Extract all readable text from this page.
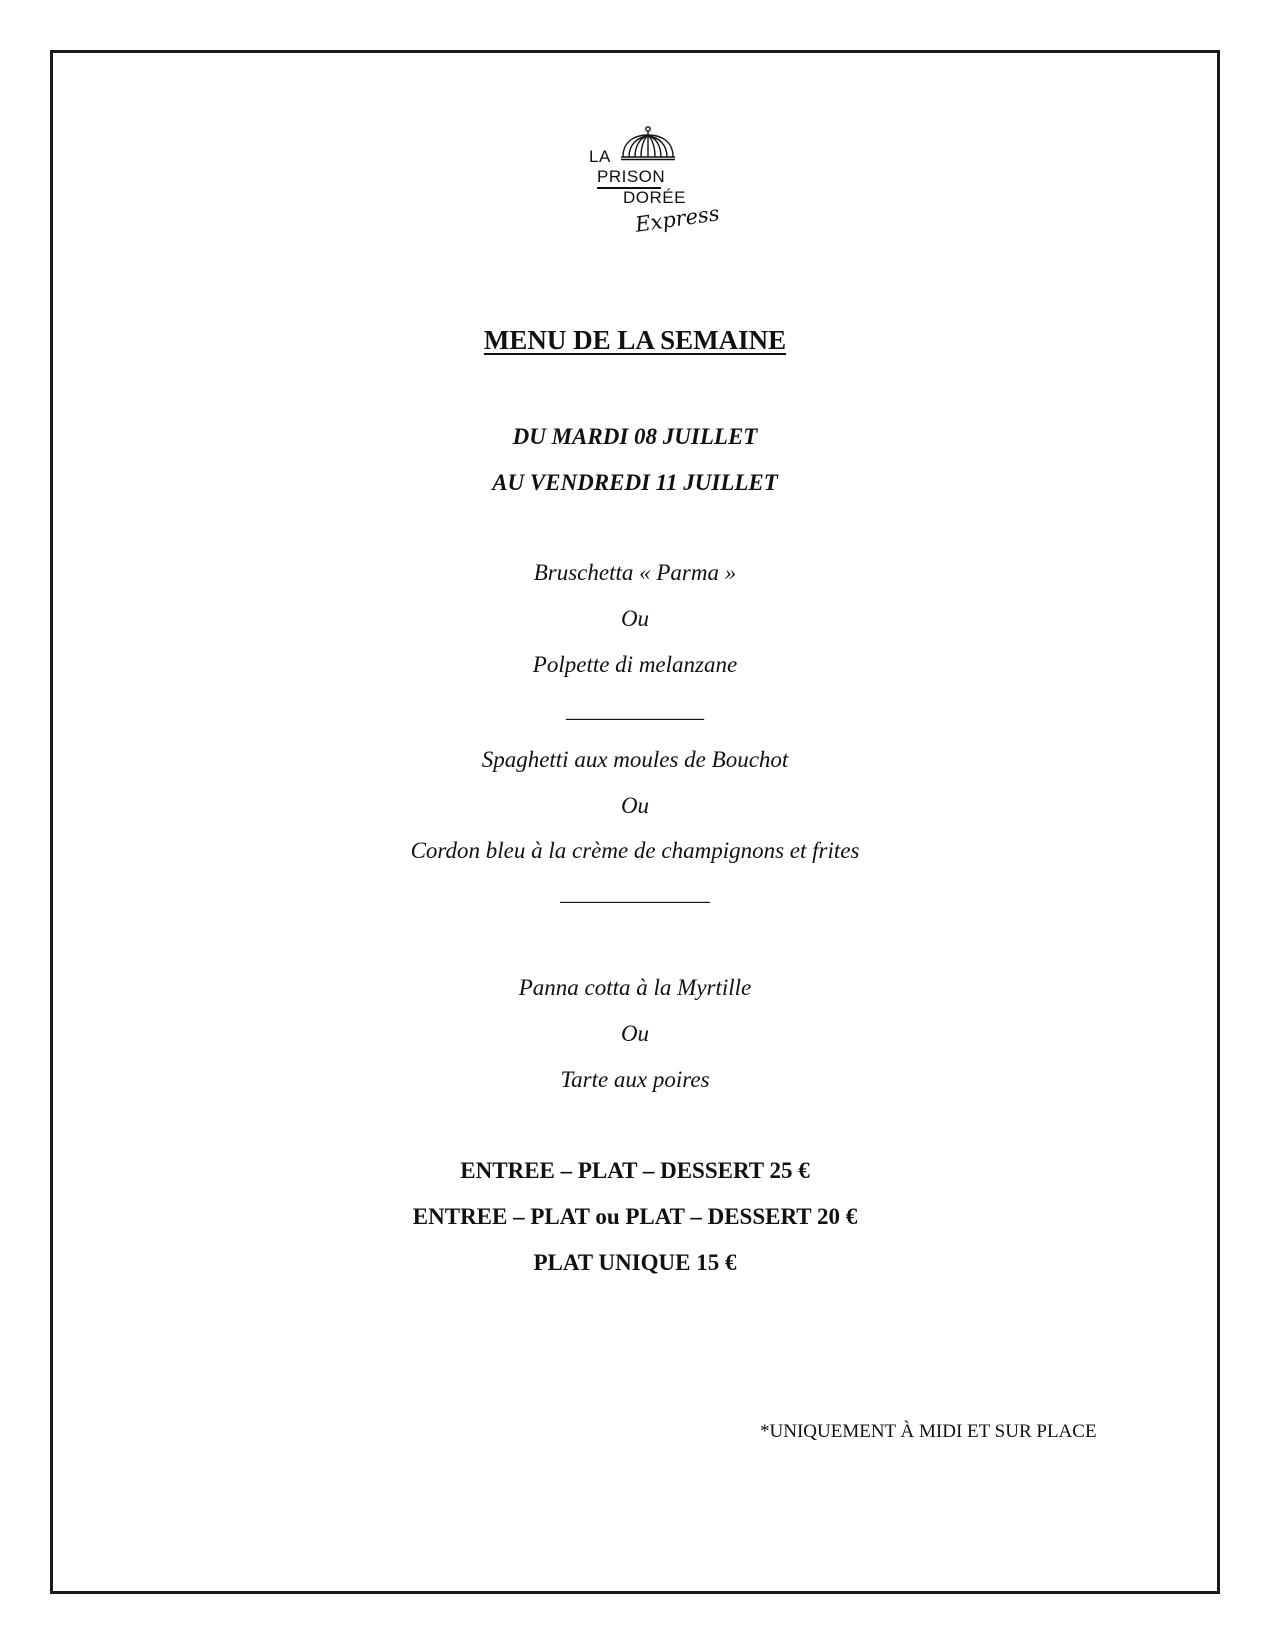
LA
PRISON
DORÉE
Express
MENU DE LA SEMAINE
DU MARDI 08 JUILLET
AU VENDREDI 11 JUILLET
Bruschetta « Parma »
Ou
Polpette di melanzane
____________
Spaghetti aux moules de Bouchot
Ou
Cordon bleu à la crème de champignons et frites
_____________
Panna cotta à la Myrtille
Ou
Tarte aux poires
ENTREE – PLAT – DESSERT 25 €
ENTREE – PLAT ou PLAT – DESSERT 20 €
PLAT UNIQUE 15 €
*UNIQUEMENT À MIDI ET SUR PLACE
